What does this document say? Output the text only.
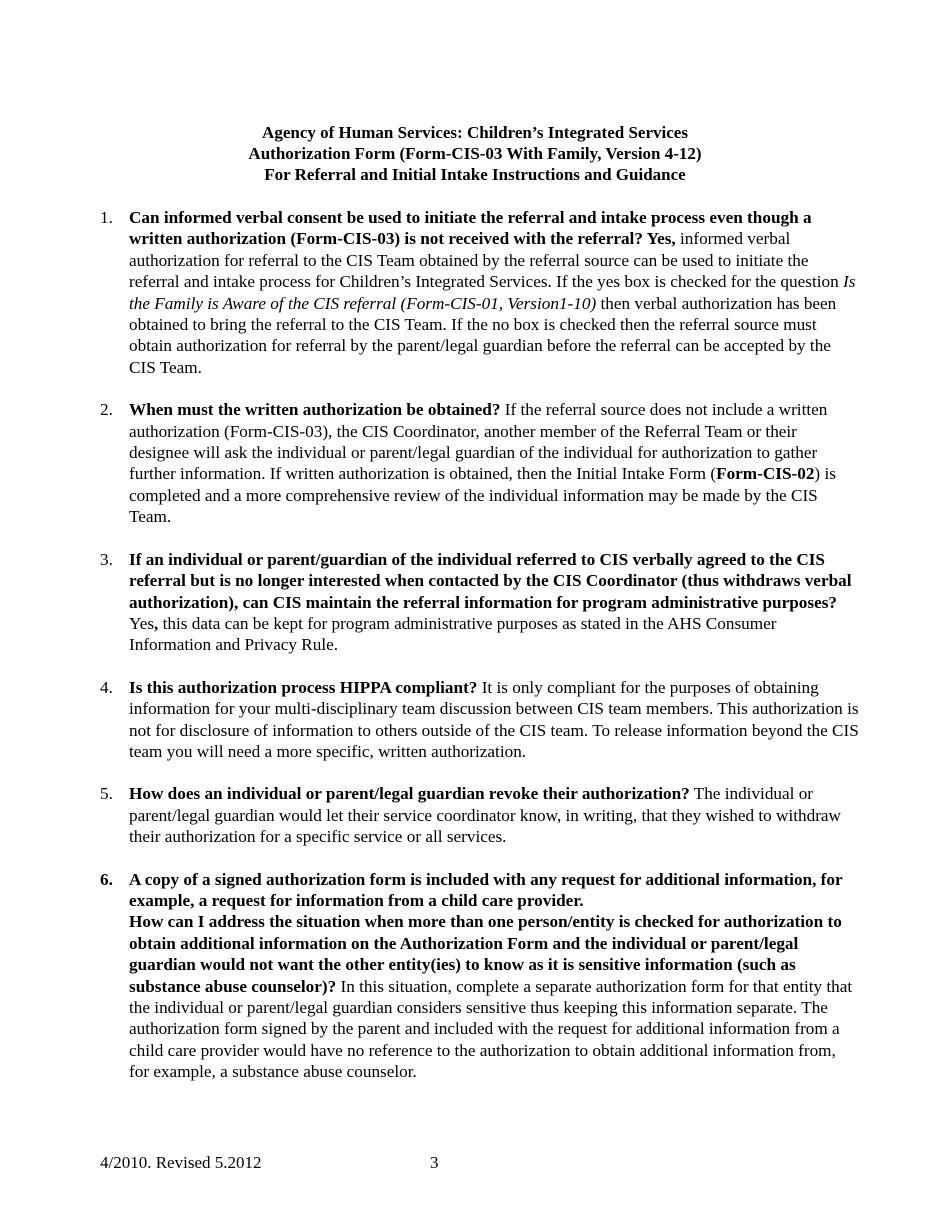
Agency of Human Services: Children’s Integrated Services
Authorization Form (Form-CIS-03 With Family, Version 4-12)
For Referral and Initial Intake Instructions and Guidance
1. Can informed verbal consent be used to initiate the referral and intake process even though a written authorization (Form-CIS-03) is not received with the referral? Yes, informed verbal authorization for referral to the CIS Team obtained by the referral source can be used to initiate the referral and intake process for Children’s Integrated Services. If the yes box is checked for the question Is the Family is Aware of the CIS referral (Form-CIS-01, Version1-10) then verbal authorization has been obtained to bring the referral to the CIS Team. If the no box is checked then the referral source must obtain authorization for referral by the parent/legal guardian before the referral can be accepted by the CIS Team.
2. When must the written authorization be obtained? If the referral source does not include a written authorization (Form-CIS-03), the CIS Coordinator, another member of the Referral Team or their designee will ask the individual or parent/legal guardian of the individual for authorization to gather further information. If written authorization is obtained, then the Initial Intake Form (Form-CIS-02) is completed and a more comprehensive review of the individual information may be made by the CIS Team.
3. If an individual or parent/guardian of the individual referred to CIS verbally agreed to the CIS referral but is no longer interested when contacted by the CIS Coordinator (thus withdraws verbal authorization), can CIS maintain the referral information for program administrative purposes? Yes, this data can be kept for program administrative purposes as stated in the AHS Consumer Information and Privacy Rule.
4. Is this authorization process HIPPA compliant? It is only compliant for the purposes of obtaining information for your multi-disciplinary team discussion between CIS team members. This authorization is not for disclosure of information to others outside of the CIS team. To release information beyond the CIS team you will need a more specific, written authorization.
5. How does an individual or parent/legal guardian revoke their authorization? The individual or parent/legal guardian would let their service coordinator know, in writing, that they wished to withdraw their authorization for a specific service or all services.
6. A copy of a signed authorization form is included with any request for additional information, for example, a request for information from a child care provider.
How can I address the situation when more than one person/entity is checked for authorization to obtain additional information on the Authorization Form and the individual or parent/legal guardian would not want the other entity(ies) to know as it is sensitive information (such as substance abuse counselor)? In this situation, complete a separate authorization form for that entity that the individual or parent/legal guardian considers sensitive thus keeping this information separate. The authorization form signed by the parent and included with the request for additional information from a child care provider would have no reference to the authorization to obtain additional information from, for example, a substance abuse counselor.
4/2010. Revised 5.2012	3
